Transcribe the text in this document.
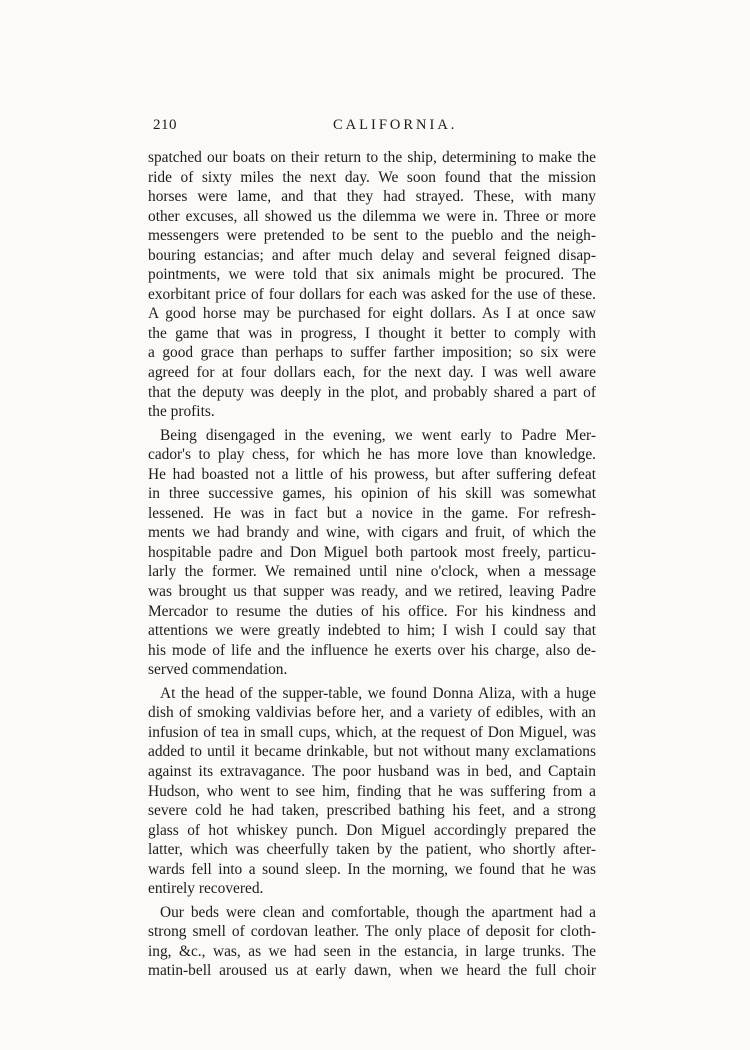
210	CALIFORNIA.
spatched our boats on their return to the ship, determining to make the
ride of sixty miles the next day. We soon found that the mission
horses were lame, and that they had strayed. These, with many
other excuses, all showed us the dilemma we were in. Three or more
messengers were pretended to be sent to the pueblo and the neigh-
bouring estancias; and after much delay and several feigned disap-
pointments, we were told that six animals might be procured. The
exorbitant price of four dollars for each was asked for the use of these.
A good horse may be purchased for eight dollars. As I at once saw
the game that was in progress, I thought it better to comply with
a good grace than perhaps to suffer farther imposition; so six were
agreed for at four dollars each, for the next day. I was well aware
that the deputy was deeply in the plot, and probably shared a part of
the profits.
Being disengaged in the evening, we went early to Padre Mer-
cador's to play chess, for which he has more love than knowledge.
He had boasted not a little of his prowess, but after suffering defeat
in three successive games, his opinion of his skill was somewhat
lessened. He was in fact but a novice in the game. For refresh-
ments we had brandy and wine, with cigars and fruit, of which the
hospitable padre and Don Miguel both partook most freely, particu-
larly the former. We remained until nine o'clock, when a message
was brought us that supper was ready, and we retired, leaving Padre
Mercador to resume the duties of his office. For his kindness and
attentions we were greatly indebted to him; I wish I could say that
his mode of life and the influence he exerts over his charge, also de-
served commendation.
At the head of the supper-table, we found Donna Aliza, with a huge
dish of smoking valdivias before her, and a variety of edibles, with an
infusion of tea in small cups, which, at the request of Don Miguel, was
added to until it became drinkable, but not without many exclamations
against its extravagance. The poor husband was in bed, and Captain
Hudson, who went to see him, finding that he was suffering from a
severe cold he had taken, prescribed bathing his feet, and a strong
glass of hot whiskey punch. Don Miguel accordingly prepared the
latter, which was cheerfully taken by the patient, who shortly after-
wards fell into a sound sleep. In the morning, we found that he was
entirely recovered.
Our beds were clean and comfortable, though the apartment had a
strong smell of cordovan leather. The only place of deposit for cloth-
ing, &c., was, as we had seen in the estancia, in large trunks. The
matin-bell aroused us at early dawn, when we heard the full choir
